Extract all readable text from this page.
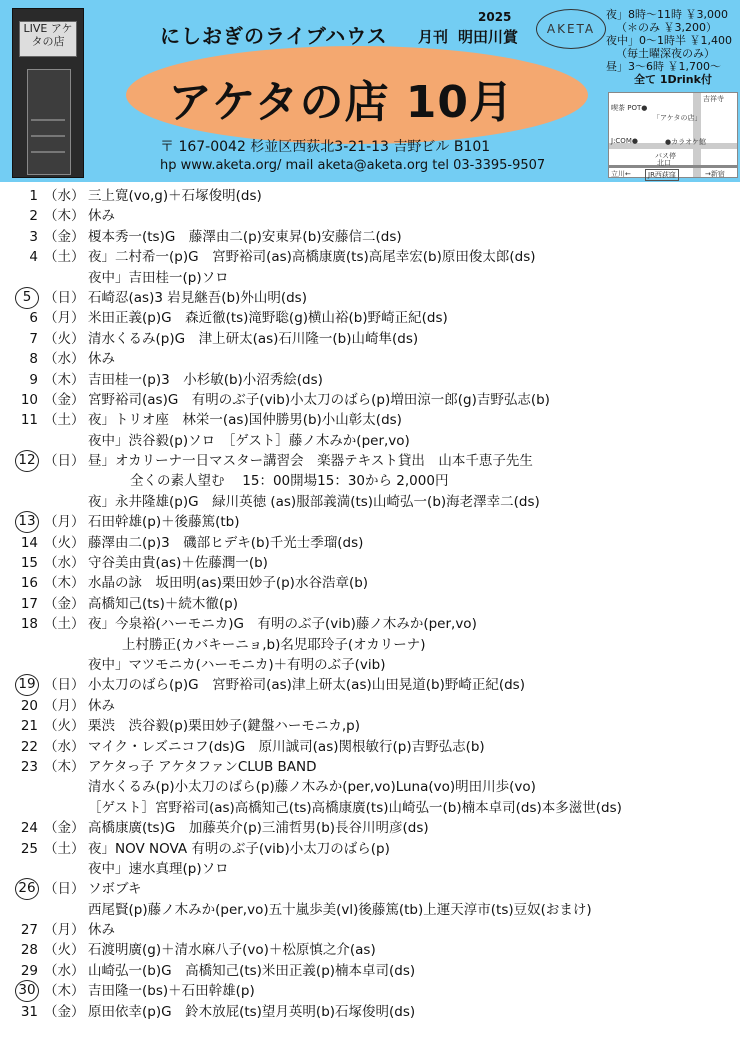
LIVE アケタの店	にしおぎのライブハウス
2025
月刊 明田川賞	AKETA
アケタの店 10月
〒 167-0042 杉並区西荻北3-21-13 吉野ビル B101
hp www.aketa.org/ mail aketa@aketa.org tel 03-3395-9507
夜」8時〜11時 ￥3,000
（＊のみ ￥3,200）
夜中」0〜1時半 ￥1,400
（毎土曜深夜のみ）
昼」3〜6時 ￥1,700〜
全て 1Drink付
吉祥寺
喫茶 POT●
「アケタの店」
J:COM●	●カラオケ館
バス停
北口
立川←	JR西荻窪	→新宿
1 （水） 三上寛(vo,g)＋石塚俊明(ds)
2 （木） 休み
3 （金） 榎本秀一(ts)G　藤澤由二(p)安東昇(b)安藤信二(ds)
4 （土） 夜」二村希一(p)G　宮野裕司(as)高橋康廣(ts)高尾幸宏(b)原田俊太郎(ds)
夜中」吉田桂一(p)ソロ
5 （日） 石崎忍(as)3 岩見継吾(b)外山明(ds)
6 （月） 米田正義(p)G　森近徹(ts)滝野聡(g)横山裕(b)野崎正紀(ds)
7 （火） 清水くるみ(p)G　津上研太(as)石川隆一(b)山崎隼(ds)
8 （水） 休み
9 （木） 吉田桂一(p)3　小杉敏(b)小沼秀絵(ds)
10 （金） 宮野裕司(as)G　有明のぶ子(vib)小太刀のばら(p)増田涼一郎(g)吉野弘志(b)
11 （土） 夜」トリオ座　林栄一(as)国仲勝男(b)小山彰太(ds)
夜中」渋谷毅(p)ソロ　［ゲスト］藤ノ木みか(per,vo)
12 （日） 昼」オカリーナ一日マスター講習会　楽器テキスト貸出　山本千恵子先生
全くの素人望む　 15：00開場15：30から 2,000円
夜」永井隆雄(p)G　緑川英徳 (as)服部義満(ts)山崎弘一(b)海老澤幸二(ds)
13 （月） 石田幹雄(p)＋後藤篤(tb)
14 （火） 藤澤由二(p)3　磯部ヒデキ(b)千光士季瑠(ds)
15 （水） 守谷美由貴(as)＋佐藤潤一(b)
16 （木） 水晶の詠　坂田明(as)栗田妙子(p)水谷浩章(b)
17 （金） 高橋知己(ts)＋続木徹(p)
18 （土） 夜」今泉裕(ハーモニカ)G　有明のぶ子(vib)藤ノ木みか(per,vo)
上村勝正(カバキーニョ,b)名児耶玲子(オカリーナ)
夜中」マツモニカ(ハーモニカ)＋有明のぶ子(vib)
19 （日） 小太刀のばら(p)G　宮野裕司(as)津上研太(as)山田晃道(b)野崎正紀(ds)
20 （月） 休み
21 （火） 栗渋　渋谷毅(p)栗田妙子(鍵盤ハーモニカ,p)
22 （水） マイク・レズニコフ(ds)G　原川誠司(as)関根敏行(p)吉野弘志(b)
23 （木） アケタっ子 アケタファンCLUB BAND
清水くるみ(p)小太刀のばら(p)藤ノ木みか(per,vo)Luna(vo)明田川歩(vo)
［ゲスト］宮野裕司(as)高橋知己(ts)高橋康廣(ts)山崎弘一(b)楠本卓司(ds)本多滋世(ds)
24 （金） 高橋康廣(ts)G　加藤英介(p)三浦哲男(b)長谷川明彦(ds)
25 （土） 夜」NOV NOVA 有明のぶ子(vib)小太刀のばら(p)
夜中」速水真理(p)ソロ
26 （日） ソボブキ
西尾賢(p)藤ノ木みか(per,vo)五十嵐歩美(vl)後藤篤(tb)上運天淳市(ts)豆奴(おまけ)
27 （月） 休み
28 （火） 石渡明廣(g)＋清水麻八子(vo)＋松原慎之介(as)
29 （水） 山崎弘一(b)G　高橋知己(ts)米田正義(p)楠本卓司(ds)
30 （木） 吉田隆一(bs)＋石田幹雄(p)
31 （金） 原田依幸(p)G　鈴木放屁(ts)望月英明(b)石塚俊明(ds)
